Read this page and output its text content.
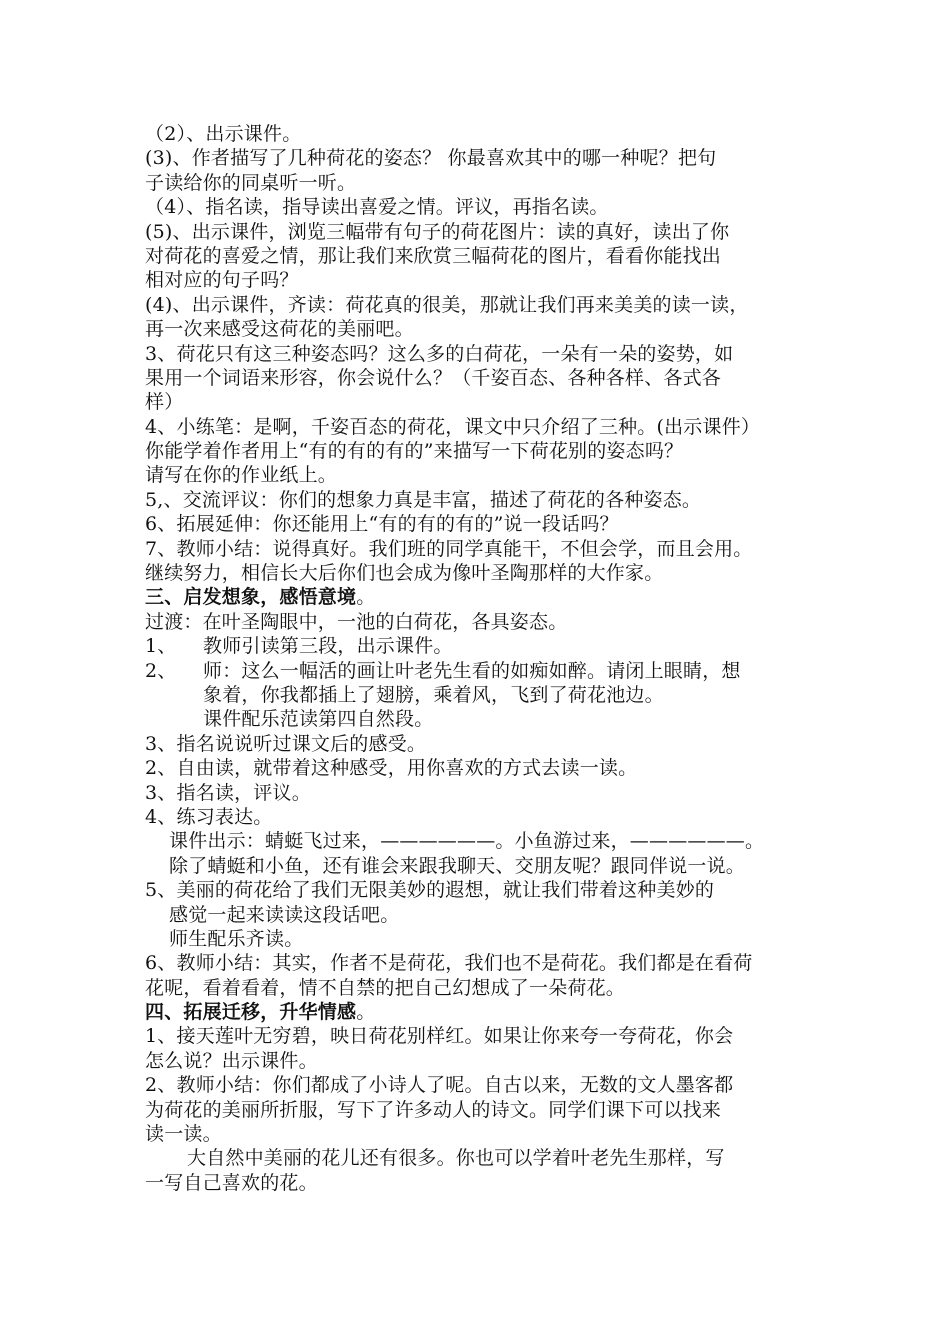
（2）、出示课件。
(3)、作者描写了几种荷花的姿态？ 你最喜欢其中的哪一种呢？把句
子读给你的同桌听一听。
（4）、指名读，指导读出喜爱之情。评议，再指名读。
(5)、出示课件，浏览三幅带有句子的荷花图片：读的真好，读出了你
对荷花的喜爱之情，那让我们来欣赏三幅荷花的图片，看看你能找出
相对应的句子吗？
(4)、出示课件，齐读：荷花真的很美，那就让我们再来美美的读一读，
再一次来感受这荷花的美丽吧。
3、荷花只有这三种姿态吗？这么多的白荷花，一朵有一朵的姿势，如
果用一个词语来形容，你会说什么？（千姿百态、各种各样、各式各
样）
4、小练笔：是啊，千姿百态的荷花，课文中只介绍了三种。(出示课件）
你能学着作者用上“有的有的有的”来描写一下荷花别的姿态吗？
请写在你的作业纸上。
5,、交流评议：你们的想象力真是丰富，描述了荷花的各种姿态。
6、拓展延伸：你还能用上“有的有的有的”说一段话吗？
7、教师小结：说得真好。我们班的同学真能干，不但会学，而且会用。
继续努力，相信长大后你们也会成为像叶圣陶那样的大作家。
三、启发想象，感悟意境。
过渡：在叶圣陶眼中，一池的白荷花，各具姿态。
1、 教师引读第三段，出示课件。
2、 师：这么一幅活的画让叶老先生看的如痴如醉。请闭上眼睛，想
象着，你我都插上了翅膀，乘着风，飞到了荷花池边。
课件配乐范读第四自然段。
3、指名说说听过课文后的感受。
2、自由读，就带着这种感受，用你喜欢的方式去读一读。
3、指名读，评议。
4、练习表达。
课件出示：蜻蜓飞过来，——————。小鱼游过来，——————。
除了蜻蜓和小鱼，还有谁会来跟我聊天、交朋友呢？跟同伴说一说。
5、美丽的荷花给了我们无限美妙的遐想，就让我们带着这种美妙的
感觉一起来读读这段话吧。
师生配乐齐读。
6、教师小结：其实，作者不是荷花，我们也不是荷花。我们都是在看荷
花呢，看着看着，情不自禁的把自己幻想成了一朵荷花。
四、拓展迁移，升华情感。
1、接天莲叶无穷碧，映日荷花别样红。如果让你来夸一夸荷花，你会
怎么说？出示课件。
2、教师小结：你们都成了小诗人了呢。自古以来，无数的文人墨客都
为荷花的美丽所折服，写下了许多动人的诗文。同学们课下可以找来
读一读。
大自然中美丽的花儿还有很多。你也可以学着叶老先生那样，写
一写自己喜欢的花。
